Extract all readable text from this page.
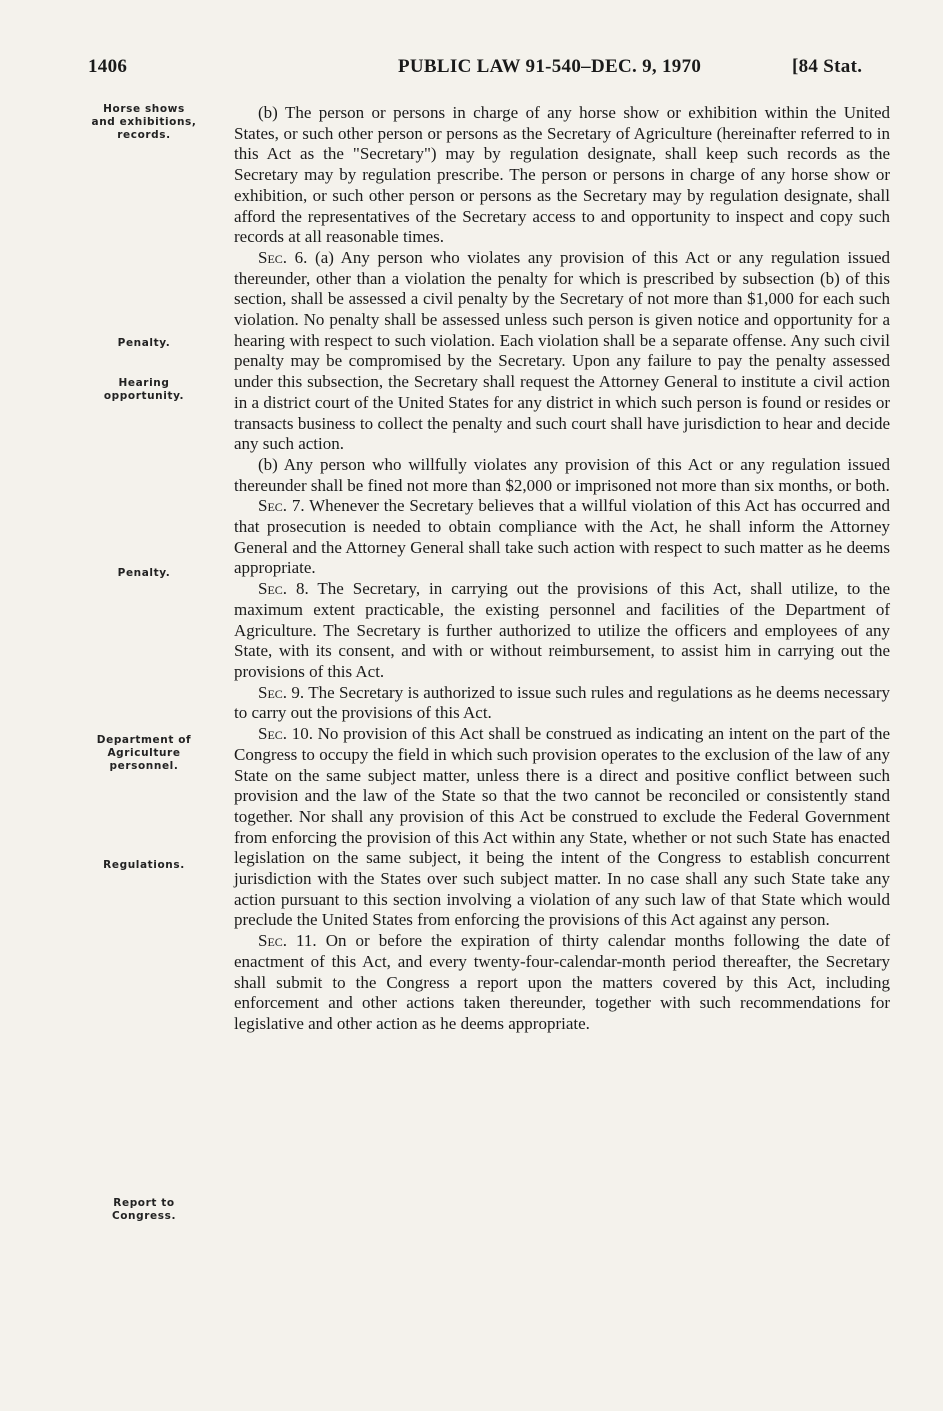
1406	PUBLIC LAW 91-540–DEC. 9, 1970	[84 Stat.
Horse shows
and exhibitions,
records.
Penalty.
Hearing
opportunity.
Penalty.
Department of
Agriculture
personnel.
Regulations.
Report to
Congress.

(b) The person or persons in charge of any horse show or exhibition within the United States, or such other person or persons as the Secretary of Agriculture (hereinafter referred to in this Act as the "Secretary") may by regulation designate, shall keep such records as the Secretary may by regulation prescribe. The person or persons in charge of any horse show or exhibition, or such other person or persons as the Secretary may by regulation designate, shall afford the representatives of the Secretary access to and opportunity to inspect and copy such records at all reasonable times.

Sec. 6. (a) Any person who violates any provision of this Act or any regulation issued thereunder, other than a violation the penalty for which is prescribed by subsection (b) of this section, shall be assessed a civil penalty by the Secretary of not more than $1,000 for each such violation. No penalty shall be assessed unless such person is given notice and opportunity for a hearing with respect to such violation. Each violation shall be a separate offense. Any such civil penalty may be compromised by the Secretary. Upon any failure to pay the penalty assessed under this subsection, the Secretary shall request the Attorney General to institute a civil action in a district court of the United States for any district in which such person is found or resides or transacts business to collect the penalty and such court shall have jurisdiction to hear and decide any such action.

(b) Any person who willfully violates any provision of this Act or any regulation issued thereunder shall be fined not more than $2,000 or imprisoned not more than six months, or both.

Sec. 7. Whenever the Secretary believes that a willful violation of this Act has occurred and that prosecution is needed to obtain compliance with the Act, he shall inform the Attorney General and the Attorney General shall take such action with respect to such matter as he deems appropriate.

Sec. 8. The Secretary, in carrying out the provisions of this Act, shall utilize, to the maximum extent practicable, the existing personnel and facilities of the Department of Agriculture. The Secretary is further authorized to utilize the officers and employees of any State, with its consent, and with or without reimbursement, to assist him in carrying out the provisions of this Act.

Sec. 9. The Secretary is authorized to issue such rules and regulations as he deems necessary to carry out the provisions of this Act.

Sec. 10. No provision of this Act shall be construed as indicating an intent on the part of the Congress to occupy the field in which such provision operates to the exclusion of the law of any State on the same subject matter, unless there is a direct and positive conflict between such provision and the law of the State so that the two cannot be reconciled or consistently stand together. Nor shall any provision of this Act be construed to exclude the Federal Government from enforcing the provision of this Act within any State, whether or not such State has enacted legislation on the same subject, it being the intent of the Congress to establish concurrent jurisdiction with the States over such subject matter. In no case shall any such State take any action pursuant to this section involving a violation of any such law of that State which would preclude the United States from enforcing the provisions of this Act against any person.

Sec. 11. On or before the expiration of thirty calendar months following the date of enactment of this Act, and every twenty-four-calendar-month period thereafter, the Secretary shall submit to the Congress a report upon the matters covered by this Act, including enforcement and other actions taken thereunder, together with such recommendations for legislative and other action as he deems appropriate.
